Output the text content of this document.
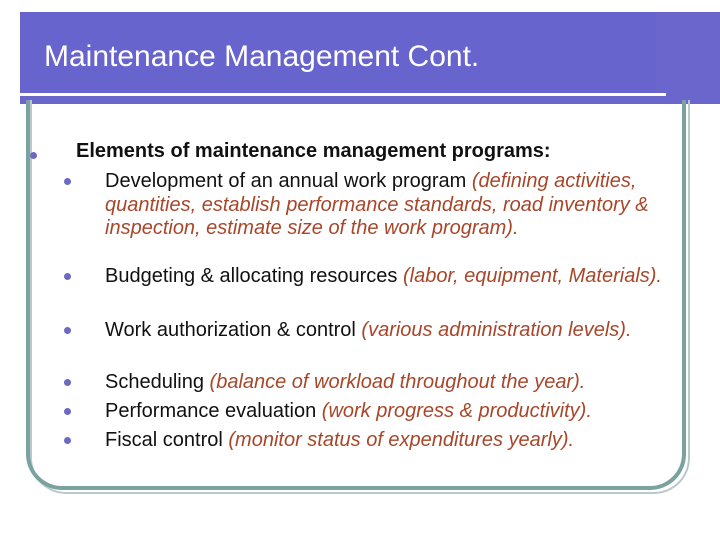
Maintenance Management Cont.
Elements of maintenance management programs:
Development of an annual work program (defining activities, quantities, establish performance standards, road inventory & inspection, estimate size of the work program).
Budgeting & allocating resources (labor, equipment, Materials).
Work authorization & control (various administration levels).
Scheduling (balance of workload throughout the year).
Performance evaluation (work progress & productivity).
Fiscal control (monitor status of expenditures yearly).
